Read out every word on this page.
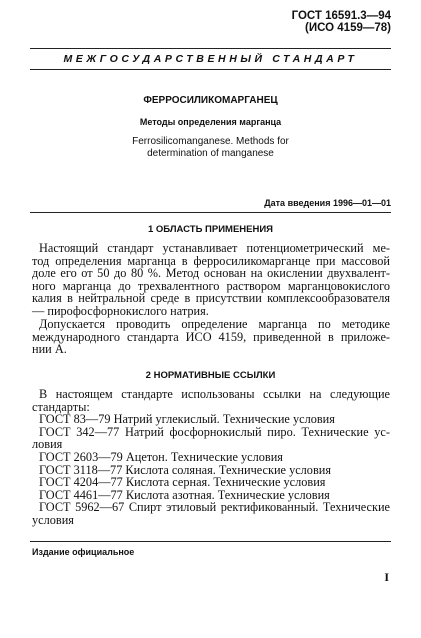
ГОСТ 16591.3—94
(ИСО 4159—78)
МЕЖГОСУДАРСТВЕННЫЙ СТАНДАРТ
ФЕРРОСИЛИКОМАРГАНЕЦ
Методы определения марганца
Ferrosilicomanganese. Methods for
determination of manganese
Дата введения 1996—01—01
1 ОБЛАСТЬ ПРИМЕНЕНИЯ
Настоящий стандарт устанавливает потенциометрический ме-
тод определения марганца в ферросиликомарганце при массовой
доле его от 50 до 80 %. Метод основан на окислении двухвалент-
ного марганца до трехвалентного раствором марганцовокислого
калия в нейтральной среде в присутствии комплексообразователя
— пирофосфорнокислого натрия.
Допускается проводить определение марганца по методике
международного стандарта ИСО 4159, приведенной в приложе-
нии А.
2 НОРМАТИВНЫЕ ССЫЛКИ
В настоящем стандарте использованы ссылки на следующие
стандарты:
ГОСТ 83—79 Натрий углекислый. Технические условия
ГОСТ 342—77 Натрий фосфорнокислый пиро. Технические ус-
ловия
ГОСТ 2603—79 Ацетон. Технические условия
ГОСТ 3118—77 Кислота соляная. Технические условия
ГОСТ 4204—77 Кислота серная. Технические условия
ГОСТ 4461—77 Кислота азотная. Технические условия
ГОСТ 5962—67 Спирт этиловый ректификованный. Технические
условия
Издание официальное
I
